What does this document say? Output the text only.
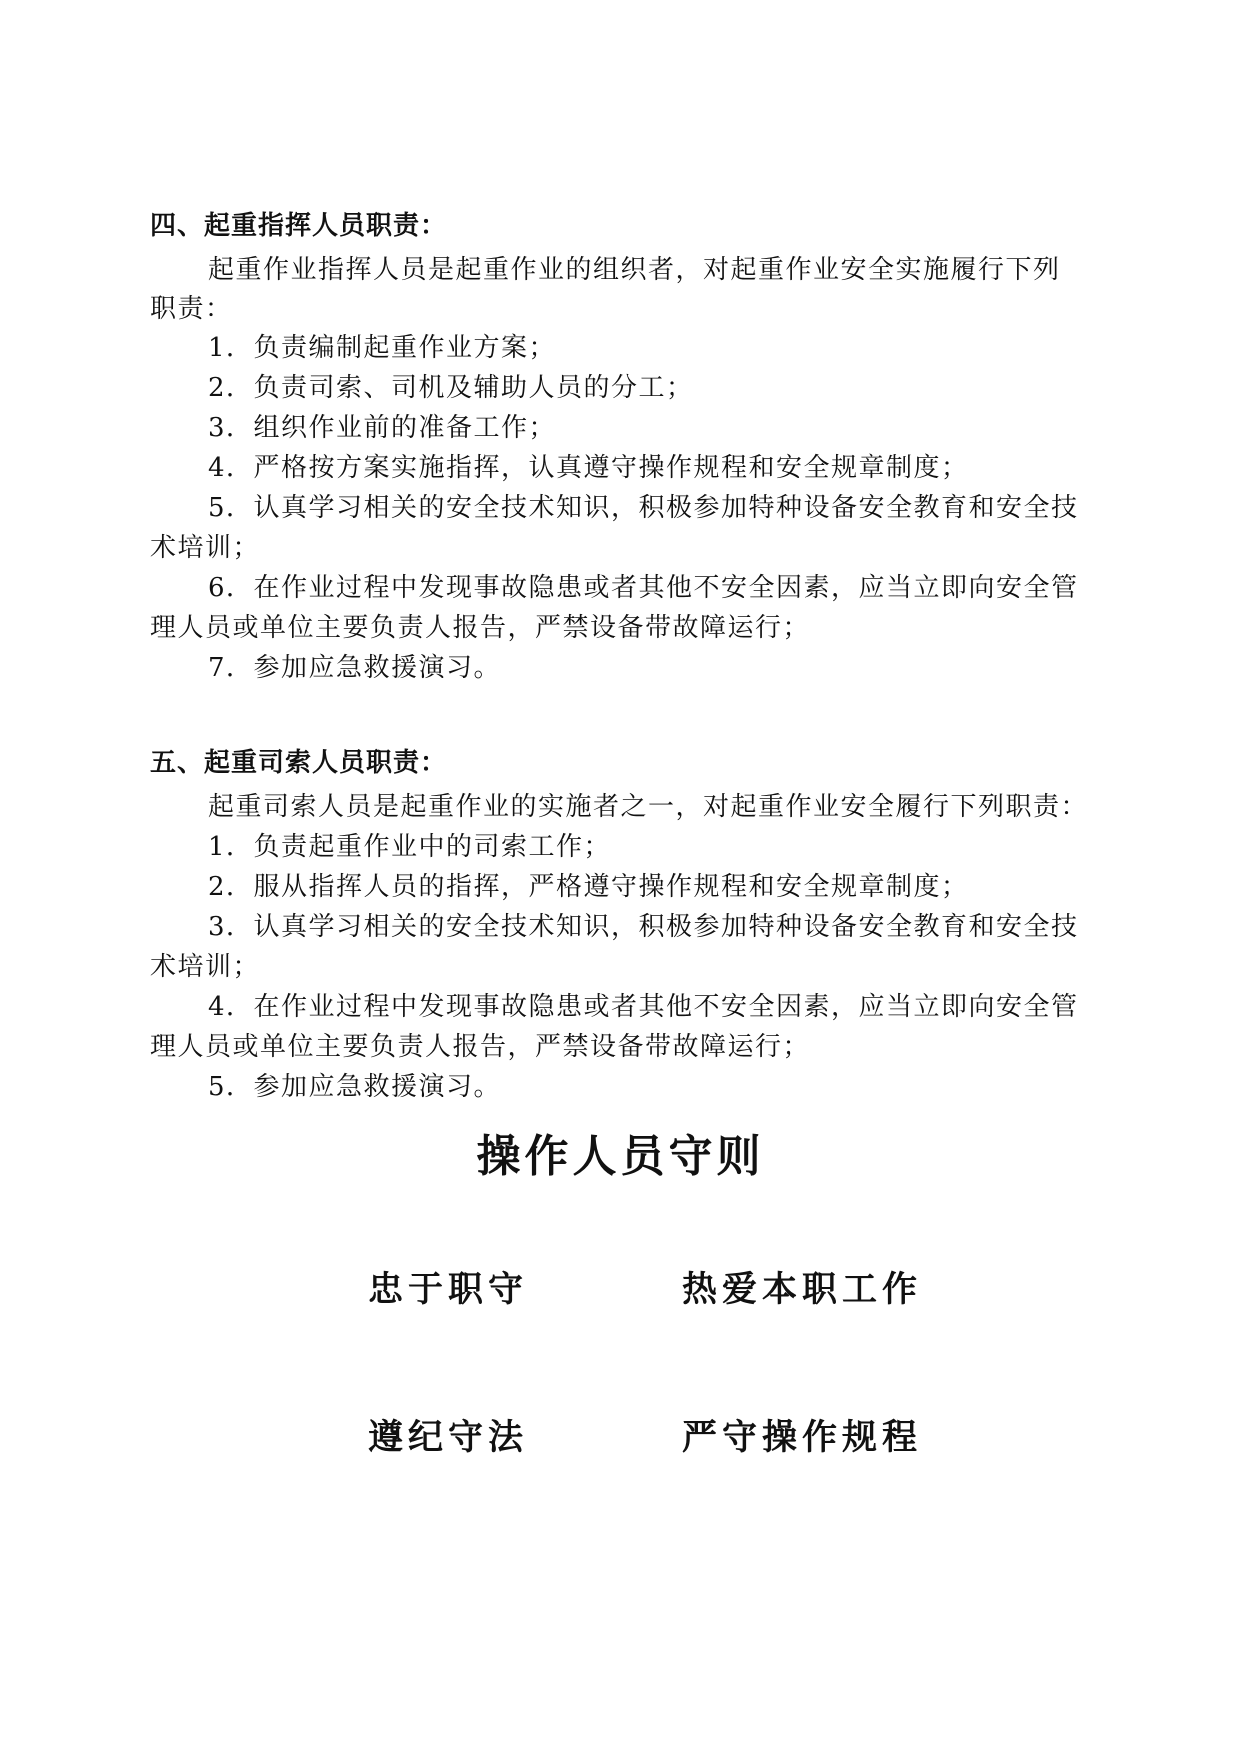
四、起重指挥人员职责：
起重作业指挥人员是起重作业的组织者，对起重作业安全实施履行下列
职责：
1．负责编制起重作业方案；
2．负责司索、司机及辅助人员的分工；
3．组织作业前的准备工作；
4．严格按方案实施指挥，认真遵守操作规程和安全规章制度；
5．认真学习相关的安全技术知识，积极参加特种设备安全教育和安全技
术培训；
6．在作业过程中发现事故隐患或者其他不安全因素，应当立即向安全管
理人员或单位主要负责人报告，严禁设备带故障运行；
7．参加应急救援演习。
五、起重司索人员职责：
起重司索人员是起重作业的实施者之一，对起重作业安全履行下列职责：
1．负责起重作业中的司索工作；
2．服从指挥人员的指挥，严格遵守操作规程和安全规章制度；
3．认真学习相关的安全技术知识，积极参加特种设备安全教育和安全技
术培训；
4．在作业过程中发现事故隐患或者其他不安全因素，应当立即向安全管
理人员或单位主要负责人报告，严禁设备带故障运行；
5．参加应急救援演习。
操作人员守则
忠于职守	热爱本职工作
遵纪守法	严守操作规程
